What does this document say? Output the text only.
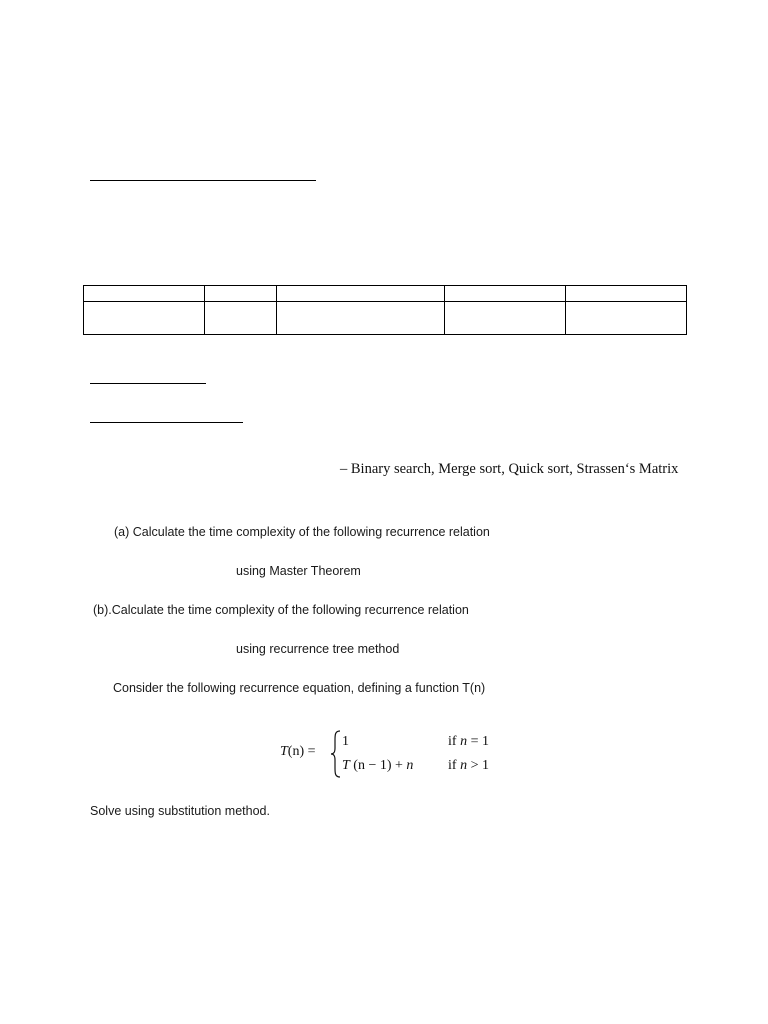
– Binary search, Merge sort, Quick sort, Strassen‘s Matrix
(a) Calculate the time complexity of the following recurrence relation
using Master Theorem
(b).Calculate the time complexity of the following recurrence relation
using recurrence tree method
Consider the following recurrence equation, defining a function T(n)
T(n) =
1	if n = 1
T (n − 1) + n if n > 1
Solve using substitution method.
